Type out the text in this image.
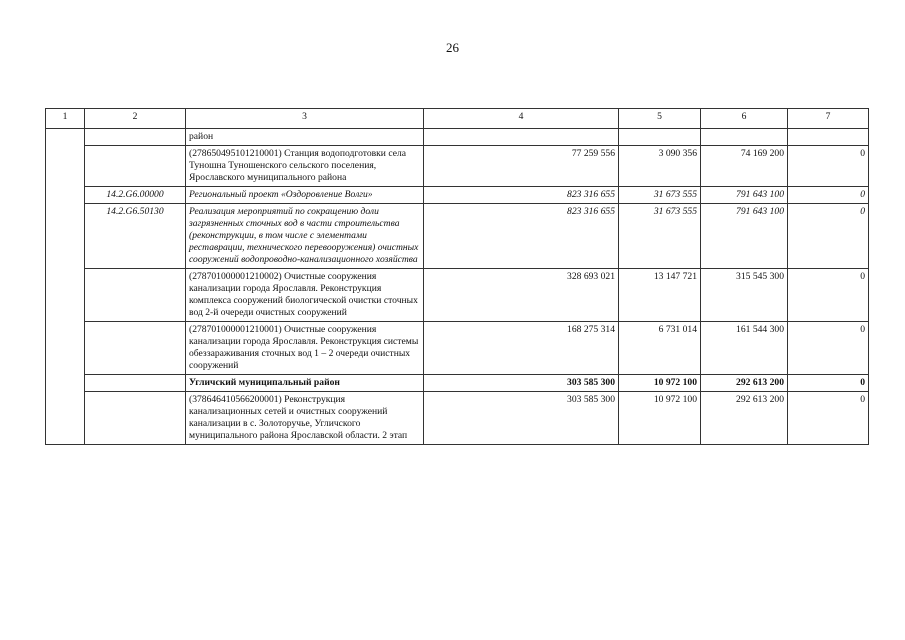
26
1	2	3	4	5	6	7
		район				
		(278650495101210001) Станция водоподготовки села Туношна Туношенского сельского поселения, Ярославского муниципального района	77 259 556	3 090 356	74 169 200	0
	14.2.G6.00000	Региональный проект «Оздоровление Волги»	823 316 655	31 673 555	791 643 100	0
	14.2.G6.50130	Реализация мероприятий по сокращению доли загрязненных сточных вод в части строительства (реконструкции, в том числе с элементами реставрации, технического перевооружения) очистных сооружений водопроводно-канализационного хозяйства	823 316 655	31 673 555	791 643 100	0
		(278701000001210002) Очистные сооружения канализации города Ярославля. Реконструкция комплекса сооружений биологической очистки сточных вод 2-й очереди очистных сооружений	328 693 021	13 147 721	315 545 300	0
		(278701000001210001) Очистные сооружения канализации города Ярославля. Реконструкция системы обеззараживания сточных вод 1 – 2 очереди очистных сооружений	168 275 314	6 731 014	161 544 300	0
		Угличский муниципальный район	303 585 300	10 972 100	292 613 200	0
		(378646410566200001) Реконструкция канализационных сетей и очистных сооружений канализации в с. Золоторучье, Угличского муниципального района Ярославской области. 2 этап	303 585 300	10 972 100	292 613 200	0
